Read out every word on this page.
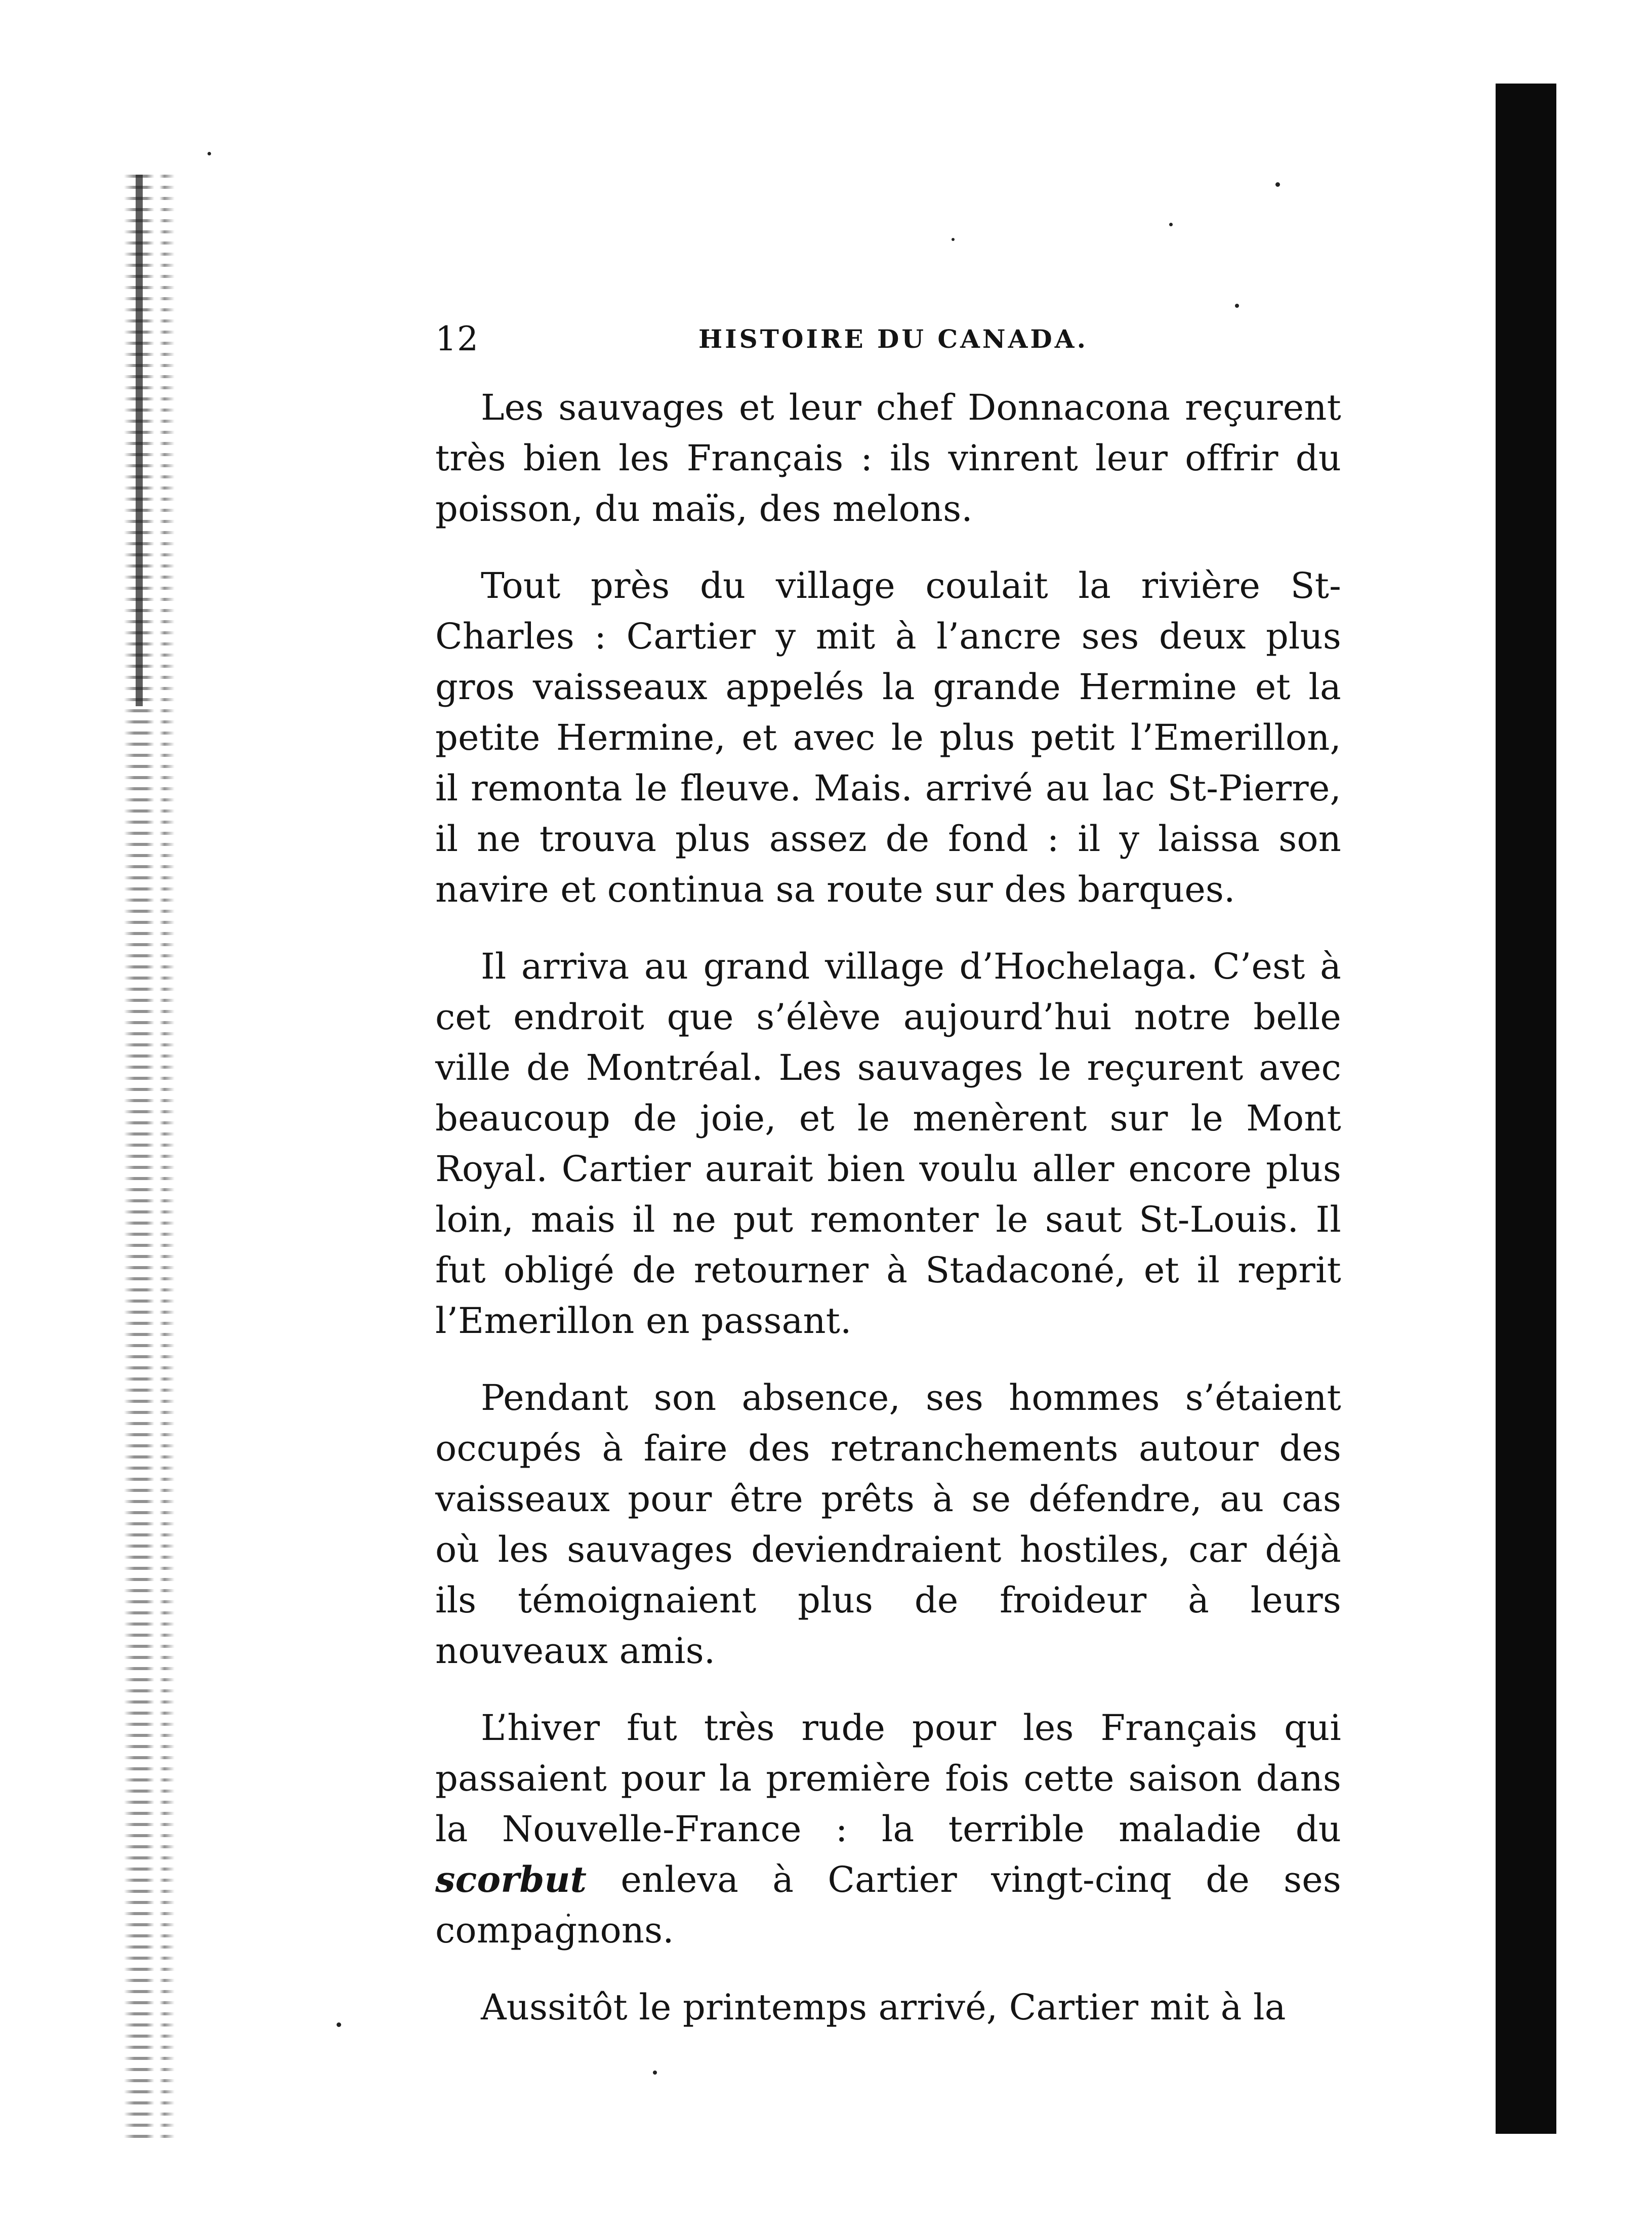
12	HISTOIRE DU CANADA.

Les sauvages et leur chef Donnacona reçurent très bien les Français : ils vinrent leur offrir du poisson, du maïs, des melons.

Tout près du village coulait la rivière St-Charles : Cartier y mit à l’ancre ses deux plus gros vaisseaux appelés la grande Hermine et la petite Hermine, et avec le plus petit l’Emerillon, il remonta le fleuve. Mais. arrivé au lac St-Pierre, il ne trouva plus assez de fond : il y laissa son navire et continua sa route sur des barques.

Il arriva au grand village d’Hochelaga. C’est à cet endroit que s’élève aujourd’hui notre belle ville de Montréal. Les sauvages le reçurent avec beaucoup de joie, et le menèrent sur le Mont Royal. Cartier aurait bien voulu aller encore plus loin, mais il ne put remonter le saut St-Louis. Il fut obligé de retourner à Stadaconé, et il reprit l’Emerillon en passant.

Pendant son absence, ses hommes s’étaient occupés à faire des retranchements autour des vaisseaux pour être prêts à se défendre, au cas où les sauvages deviendraient hostiles, car déjà ils témoignaient plus de froideur à leurs nouveaux amis.

L’hiver fut très rude pour les Français qui passaient pour la première fois cette saison dans la Nouvelle-France : la terrible maladie du scorbut enleva à Cartier vingt-cinq de ses compagnons.

Aussitôt le printemps arrivé, Cartier mit à la
